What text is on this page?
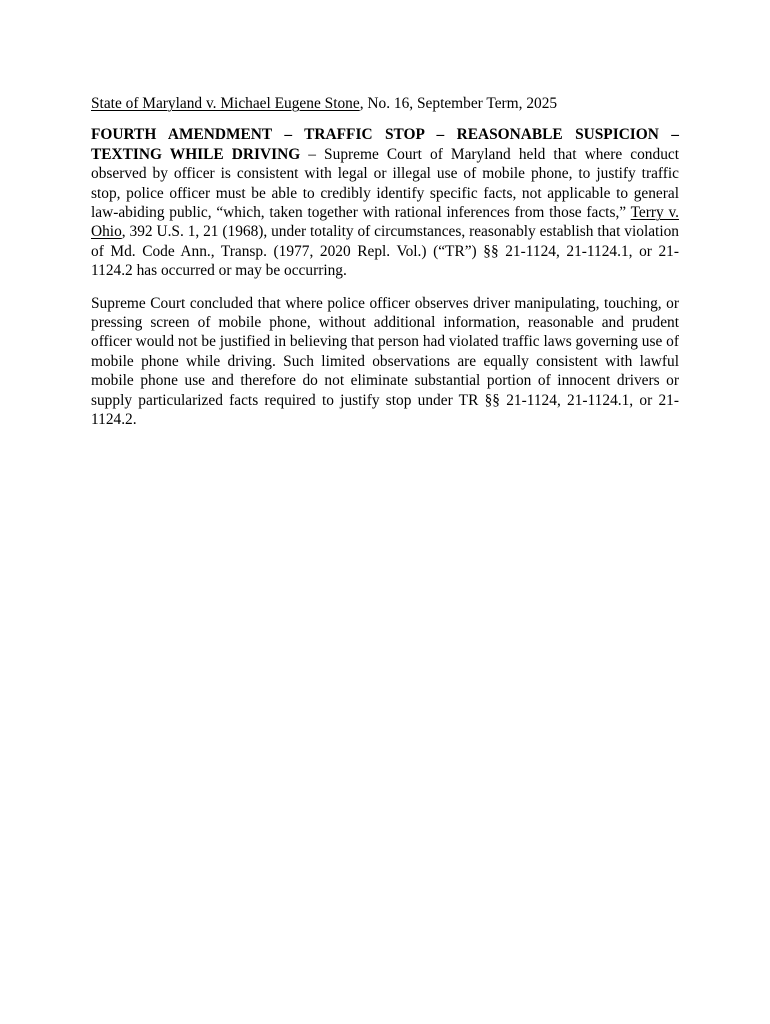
State of Maryland v. Michael Eugene Stone, No. 16, September Term, 2025

FOURTH AMENDMENT – TRAFFIC STOP – REASONABLE SUSPICION – TEXTING WHILE DRIVING – Supreme Court of Maryland held that where conduct observed by officer is consistent with legal or illegal use of mobile phone, to justify traffic stop, police officer must be able to credibly identify specific facts, not applicable to general law-abiding public, “which, taken together with rational inferences from those facts,” Terry v. Ohio, 392 U.S. 1, 21 (1968), under totality of circumstances, reasonably establish that violation of Md. Code Ann., Transp. (1977, 2020 Repl. Vol.) (“TR”) §§ 21-1124, 21-1124.1, or 21-1124.2 has occurred or may be occurring.

Supreme Court concluded that where police officer observes driver manipulating, touching, or pressing screen of mobile phone, without additional information, reasonable and prudent officer would not be justified in believing that person had violated traffic laws governing use of mobile phone while driving. Such limited observations are equally consistent with lawful mobile phone use and therefore do not eliminate substantial portion of innocent drivers or supply particularized facts required to justify stop under TR §§ 21-1124, 21-1124.1, or 21-1124.2.
